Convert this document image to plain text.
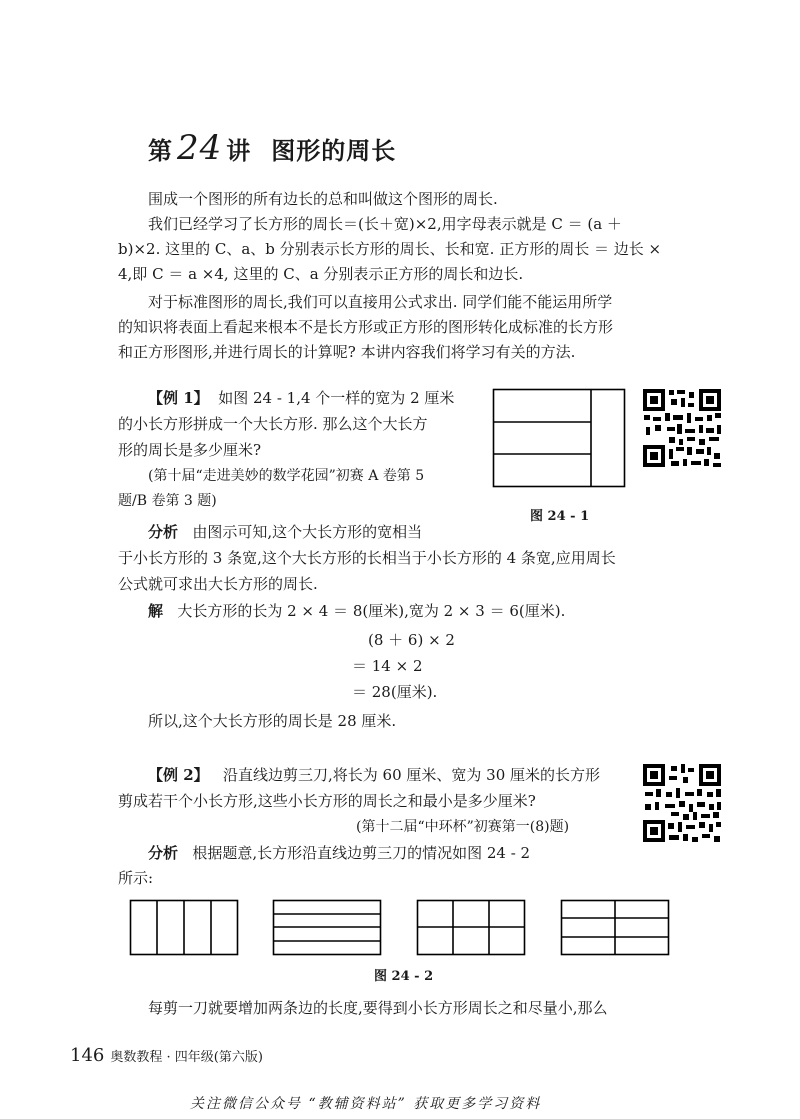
第 24 讲 图形的周长
围成一个图形的所有边长的总和叫做这个图形的周长.
我们已经学习了长方形的周长＝(长＋宽)×2,用字母表示就是 C ＝ (a ＋
b)×2. 这里的 C、a、b 分别表示长方形的周长、长和宽. 正方形的周长 ＝ 边长 ×
4,即 C ＝ a ×4, 这里的 C、a 分别表示正方形的周长和边长.
对于标准图形的周长,我们可以直接用公式求出. 同学们能不能运用所学
的知识将表面上看起来根本不是长方形或正方形的图形转化成标准的长方形
和正方形图形,并进行周长的计算呢? 本讲内容我们将学习有关的方法.
【例 1】 如图 24 - 1,4 个一样的宽为 2 厘米
的小长方形拼成一个大长方形. 那么这个大长方
形的周长是多少厘米?
(第十届“走进美妙的数学花园”初赛 A 卷第 5
题/B 卷第 3 题)
图 24 - 1
分析 由图示可知,这个大长方形的宽相当
于小长方形的 3 条宽,这个大长方形的长相当于小长方形的 4 条宽,应用周长
公式就可求出大长方形的周长.
解 大长方形的长为 2 × 4 ＝ 8(厘米),宽为 2 × 3 ＝ 6(厘米).
(8 ＋ 6) × 2
＝ 14 × 2
＝ 28(厘米).
所以,这个大长方形的周长是 28 厘米.
【例 2】 沿直线边剪三刀,将长为 60 厘米、宽为 30 厘米的长方形
剪成若干个小长方形,这些小长方形的周长之和最小是多少厘米?
(第十二届“中环杯”初赛第一(8)题)
分析 根据题意,长方形沿直线边剪三刀的情况如图 24 - 2
所示:
图 24 - 2
每剪一刀就要增加两条边的长度,要得到小长方形周长之和尽量小,那么
146 奥数教程 · 四年级(第六版)
关注微信公众号 “教辅资料站” 获取更多学习资料
